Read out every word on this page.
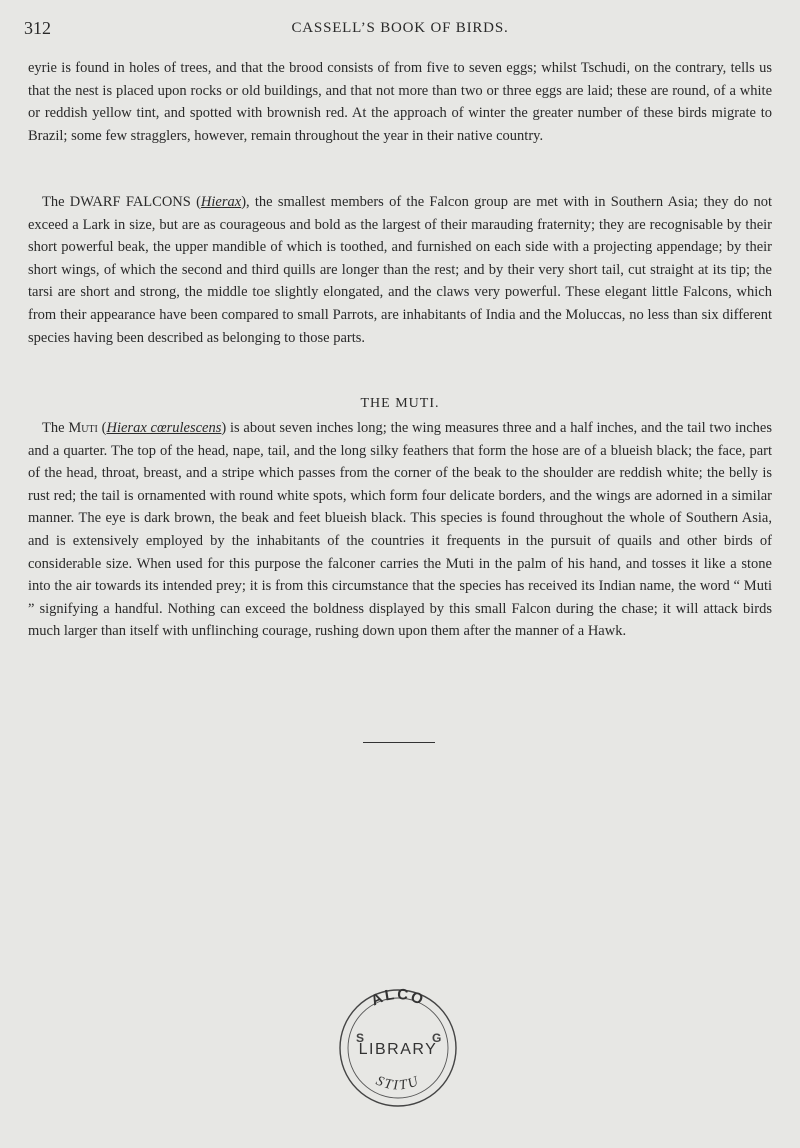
312	CASSELL’S BOOK OF BIRDS.

eyrie is found in holes of trees, and that the brood consists of from five to seven eggs; whilst Tschudi, on the contrary, tells us that the nest is placed upon rocks or old buildings, and that not more than two or three eggs are laid; these are round, of a white or reddish yellow tint, and spotted with brownish red. At the approach of winter the greater number of these birds migrate to Brazil; some few stragglers, however, remain throughout the year in their native country.

The DWARF FALCONS (Hierax), the smallest members of the Falcon group are met with in Southern Asia; they do not exceed a Lark in size, but are as courageous and bold as the largest of their marauding fraternity; they are recognisable by their short powerful beak, the upper mandible of which is toothed, and furnished on each side with a projecting appendage; by their short wings, of which the second and third quills are longer than the rest; and by their very short tail, cut straight at its tip; the tarsi are short and strong, the middle toe slightly elongated, and the claws very powerful. These elegant little Falcons, which from their appearance have been compared to small Parrots, are inhabitants of India and the Moluccas, no less than six different species having been described as belonging to those parts.

THE MUTI.

The Muti (Hierax cœrulescens) is about seven inches long; the wing measures three and a half inches, and the tail two inches and a quarter. The top of the head, nape, tail, and the long silky feathers that form the hose are of a blueish black; the face, part of the head, throat, breast, and a stripe which passes from the corner of the beak to the shoulder are reddish white; the belly is rust red; the tail is ornamented with round white spots, which form four delicate borders, and the wings are adorned in a similar manner. The eye is dark brown, the beak and feet blueish black. This species is found throughout the whole of Southern Asia, and is extensively employed by the inhabitants of the countries it frequents in the pursuit of quails and other birds of considerable size. When used for this purpose the falconer carries the Muti in the palm of his hand, and tosses it like a stone into the air towards its intended prey; it is from this circumstance that the species has received its Indian name, the word “ Muti ” signifying a handful. Nothing can exceed the boldness displayed by this small Falcon during the chase; it will attack birds much larger than itself with unflinching courage, rushing down upon them after the manner of a Hawk.

ALCO
LIBRARY
STITU
S	G
